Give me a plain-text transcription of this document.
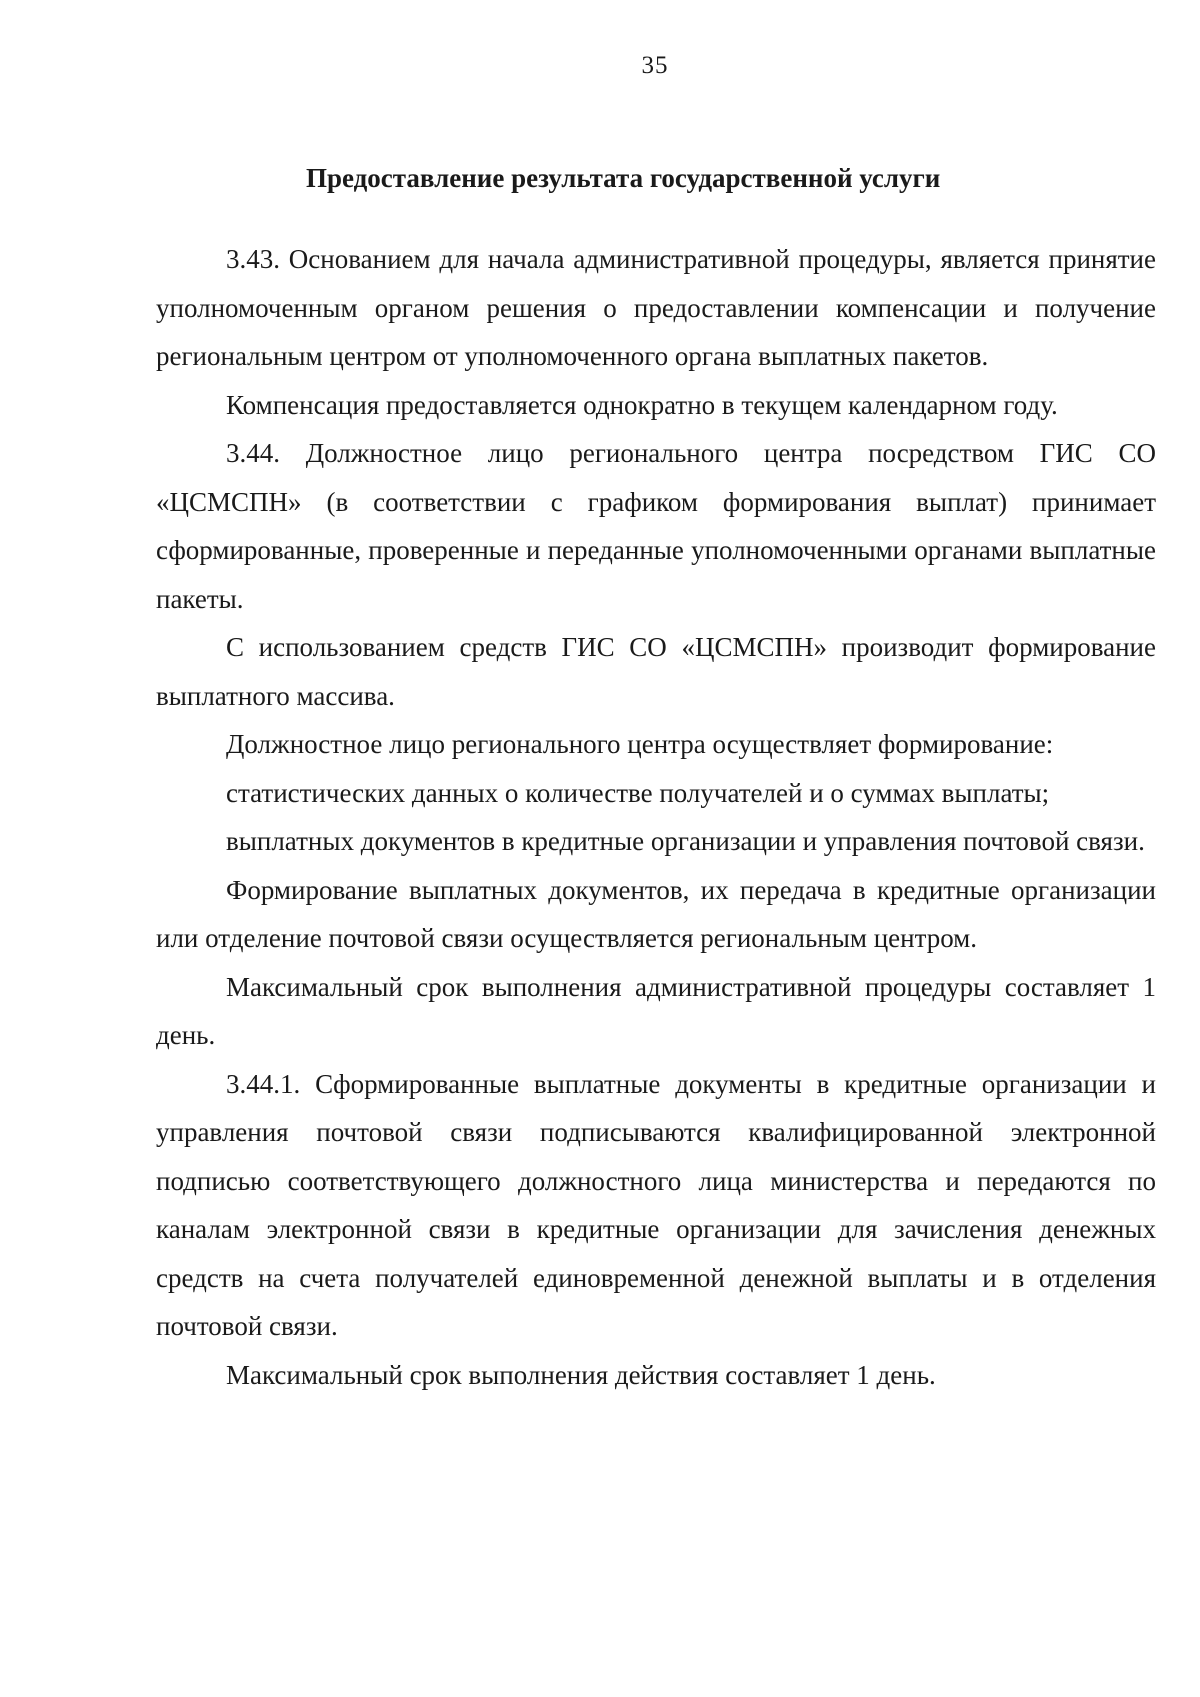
35
Предоставление результата государственной услуги

3.43. Основанием для начала административной процедуры, является принятие уполномоченным органом решения о предоставлении компенсации и получение региональным центром от уполномоченного органа выплатных пакетов.

Компенсация предоставляется однократно в текущем календарном году.

3.44. Должностное лицо регионального центра посредством ГИС СО «ЦСМСПН» (в соответствии с графиком формирования выплат) принимает сформированные, проверенные и переданные уполномоченными органами выплатные пакеты.

С использованием средств ГИС СО «ЦСМСПН» производит формирование выплатного массива.

Должностное лицо регионального центра осуществляет формирование:

статистических данных о количестве получателей и о суммах выплаты;

выплатных документов в кредитные организации и управления почтовой связи.

Формирование выплатных документов, их передача в кредитные организации или отделение почтовой связи осуществляется региональным центром.

Максимальный срок выполнения административной процедуры составляет 1 день.

3.44.1. Сформированные выплатные документы в кредитные организации и управления почтовой связи подписываются квалифицированной электронной подписью соответствующего должностного лица министерства и передаются по каналам электронной связи в кредитные организации для зачисления денежных средств на счета получателей единовременной денежной выплаты и в отделения почтовой связи.

Максимальный срок выполнения действия составляет 1 день.
